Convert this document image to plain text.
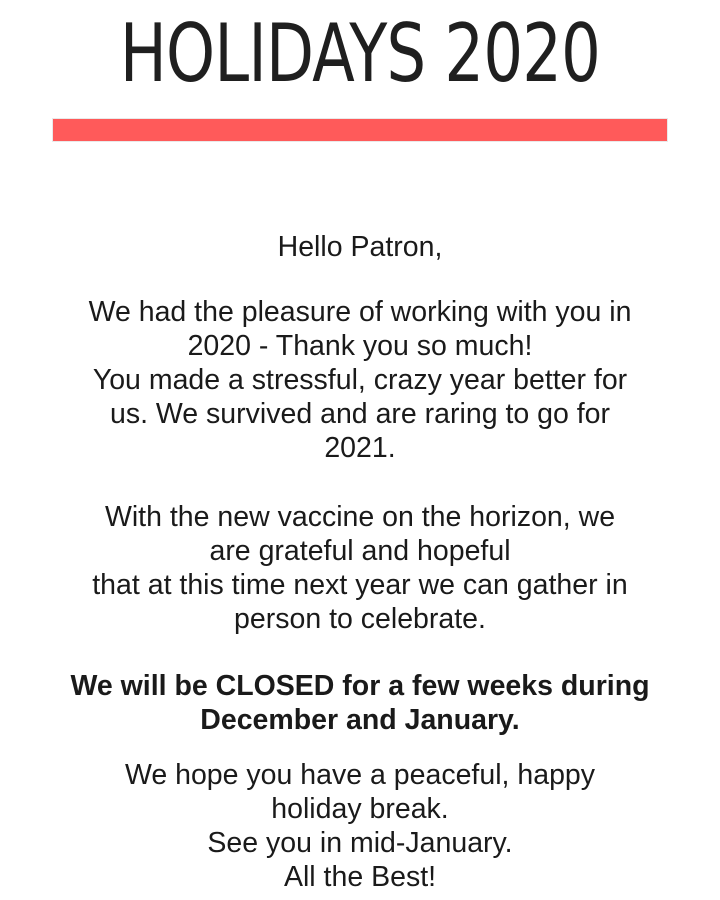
HOLIDAYS 2020
Hello Patron,
We had the pleasure of working with you in
2020 - Thank you so much!
You made a stressful, crazy year better for
us. We survived and are raring to go for
2021.
With the new vaccine on the horizon, we
are grateful and hopeful
that at this time next year we can gather in
person to celebrate.
We will be CLOSED for a few weeks during
December and January.
We hope you have a peaceful, happy
holiday break.
See you in mid-January.
All the Best!
